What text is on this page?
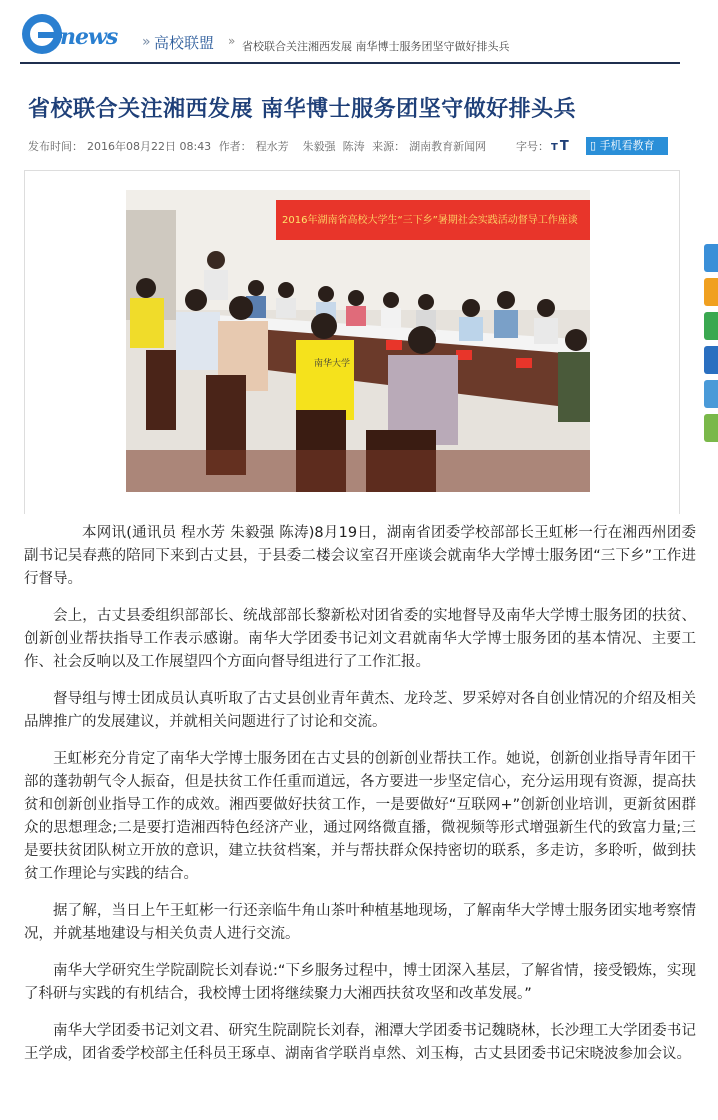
news » 高校联盟 » 省校联合关注湘西发展 南华博士服务团坚守做好排头兵
省校联合关注湘西发展 南华博士服务团坚守做好排头兵
发布时间： 2016年08月22日 08:43 作者： 程水芳    朱毅强  陈涛 来源： 湖南教育新闻网	字号： T T	▯ 手机看教育
2016年湖南省高校大学生“三下乡”暑期社会实践活动督导工作座谈
南华大学

本网讯(通讯员 程水芳 朱毅强 陈涛)8月19日，湖南省团委学校部部长王虹彬一行在湘西州团委副书记吴春燕的陪同下来到古丈县，于县委二楼会议室召开座谈会就南华大学博士服务团“三下乡”工作进行督导。

会上，古丈县委组织部部长、统战部部长黎新松对团省委的实地督导及南华大学博士服务团的扶贫、创新创业帮扶指导工作表示感谢。南华大学团委书记刘文君就南华大学博士服务团的基本情况、主要工作、社会反响以及工作展望四个方面向督导组进行了工作汇报。

督导组与博士团成员认真听取了古丈县创业青年黄杰、龙玲芝、罗采婷对各自创业情况的介绍及相关品牌推广的发展建议，并就相关问题进行了讨论和交流。

王虹彬充分肯定了南华大学博士服务团在古丈县的创新创业帮扶工作。她说，创新创业指导青年团干部的蓬勃朝气令人振奋，但是扶贫工作任重而道远，各方要进一步坚定信心，充分运用现有资源，提高扶贫和创新创业指导工作的成效。湘西要做好扶贫工作，一是要做好“互联网+”创新创业培训，更新贫困群众的思想理念;二是要打造湘西特色经济产业，通过网络微直播，微视频等形式增强新生代的致富力量;三是要扶贫团队树立开放的意识，建立扶贫档案，并与帮扶群众保持密切的联系，多走访，多聆听，做到扶贫工作理论与实践的结合。

据了解，当日上午王虹彬一行还亲临牛角山茶叶种植基地现场，了解南华大学博士服务团实地考察情况，并就基地建设与相关负责人进行交流。

南华大学研究生学院副院长刘春说:“下乡服务过程中，博士团深入基层，了解省情，接受锻炼，实现了科研与实践的有机结合，我校博士团将继续聚力大湘西扶贫攻坚和改革发展。”

南华大学团委书记刘文君、研究生院副院长刘春，湘潭大学团委书记魏晓林，长沙理工大学团委书记王学成，团省委学校部主任科员王琢卓、湖南省学联肖卓然、刘玉梅，古丈县团委书记宋晓波参加会议。
